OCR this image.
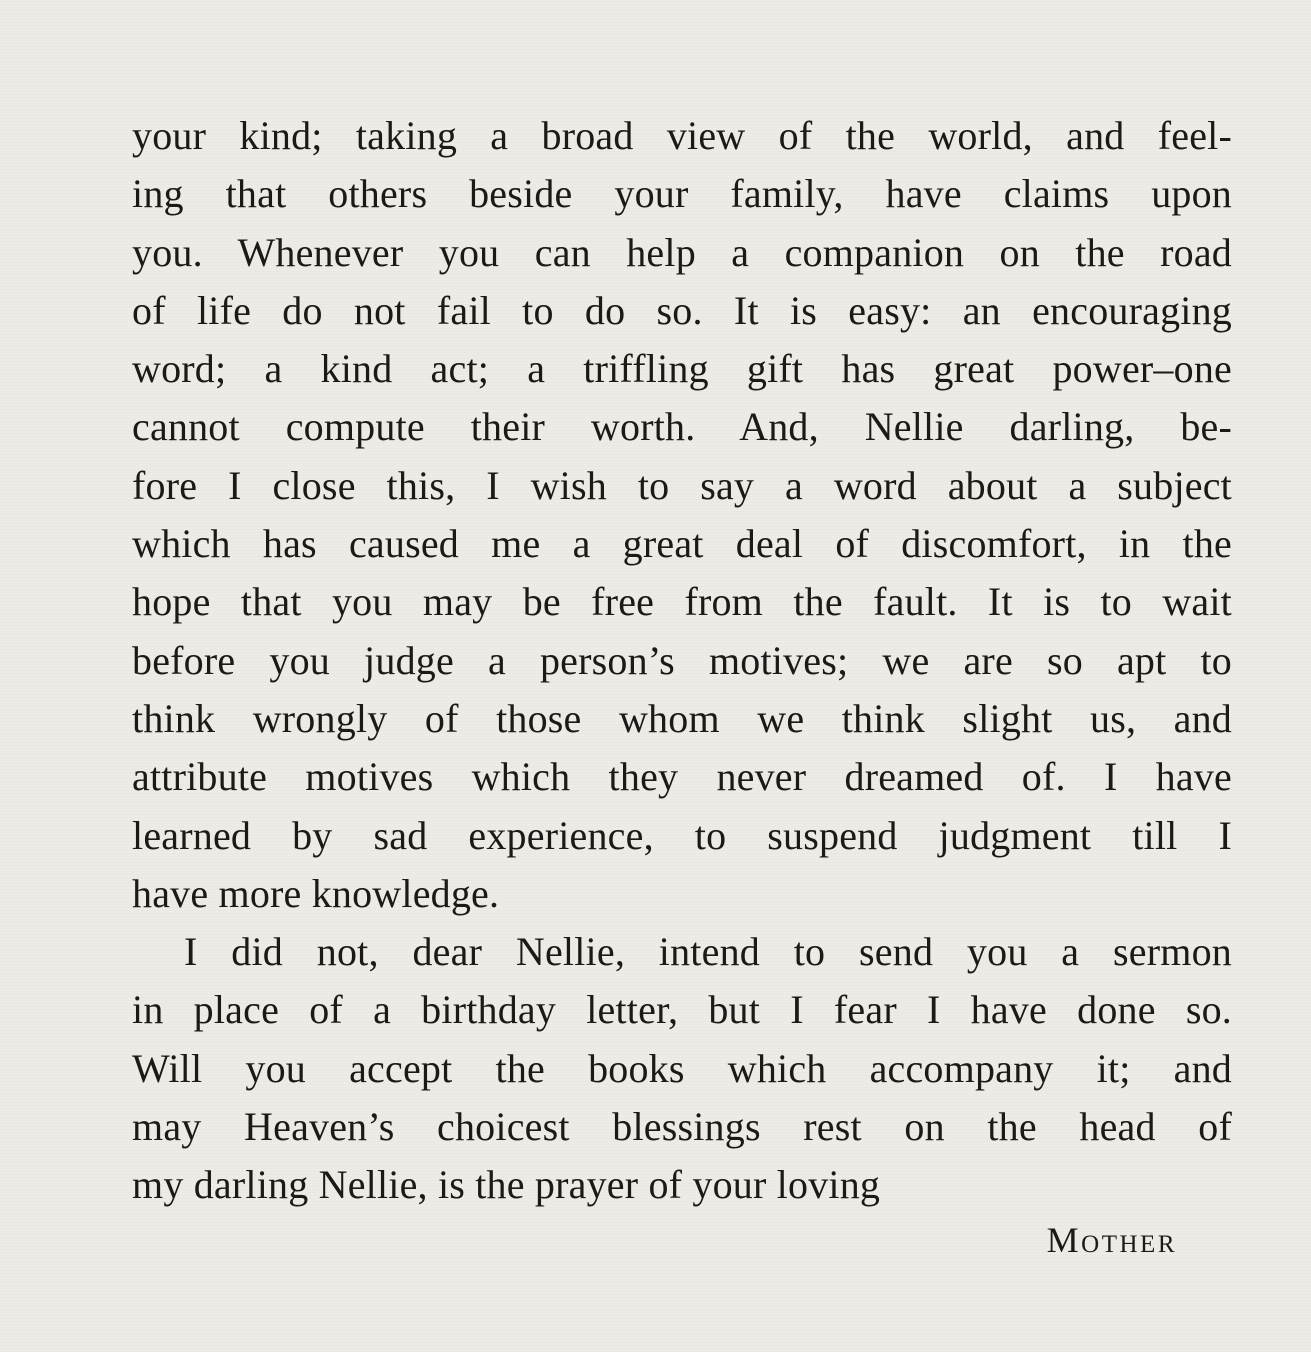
your kind; taking a broad view of the world, and feel-
ing that others beside your family, have claims upon
you. Whenever you can help a companion on the road
of life do not fail to do so. It is easy: an encouraging
word; a kind act; a triffling gift has great power–one
cannot compute their worth. And, Nellie darling, be-
fore I close this, I wish to say a word about a subject
which has caused me a great deal of discomfort, in the
hope that you may be free from the fault. It is to wait
before you judge a person’s motives; we are so apt to
think wrongly of those whom we think slight us, and
attribute motives which they never dreamed of. I have
learned by sad experience, to suspend judgment till I
have more knowledge.
I did not, dear Nellie, intend to send you a sermon
in place of a birthday letter, but I fear I have done so.
Will you accept the books which accompany it; and
may Heaven’s choicest blessings rest on the head of
my darling Nellie, is the prayer of your loving
Mother
